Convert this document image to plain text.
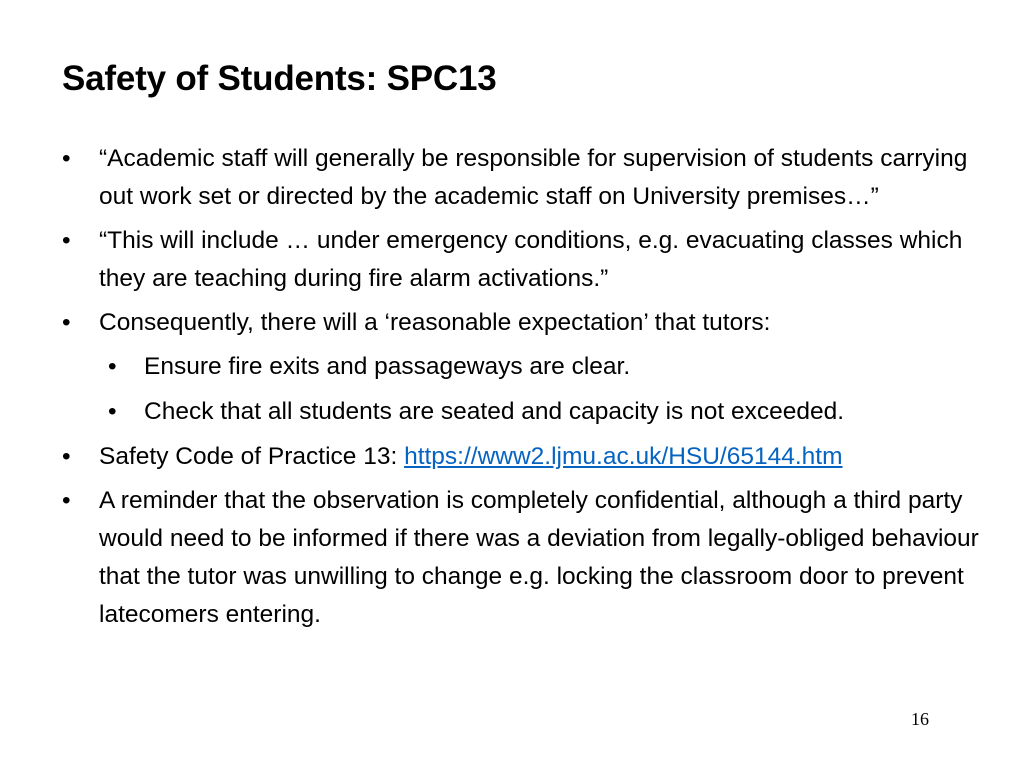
Safety of Students: SPC13
•	“Academic staff will generally be responsible for supervision of students carrying out work set or directed by the academic staff on University premises…”
•	“This will include … under emergency conditions, e.g. evacuating classes which they are teaching during fire alarm activations.”
•	Consequently, there will a ‘reasonable expectation’ that tutors:
•	Ensure fire exits and passageways are clear.
•	Check that all students are seated and capacity is not exceeded.
•	Safety Code of Practice 13: https://www2.ljmu.ac.uk/HSU/65144.htm
•	A reminder that the observation is completely confidential, although a third party would need to be informed if there was a deviation from legally-obliged behaviour that the tutor was unwilling to change e.g. locking the classroom door to prevent latecomers entering.
16
